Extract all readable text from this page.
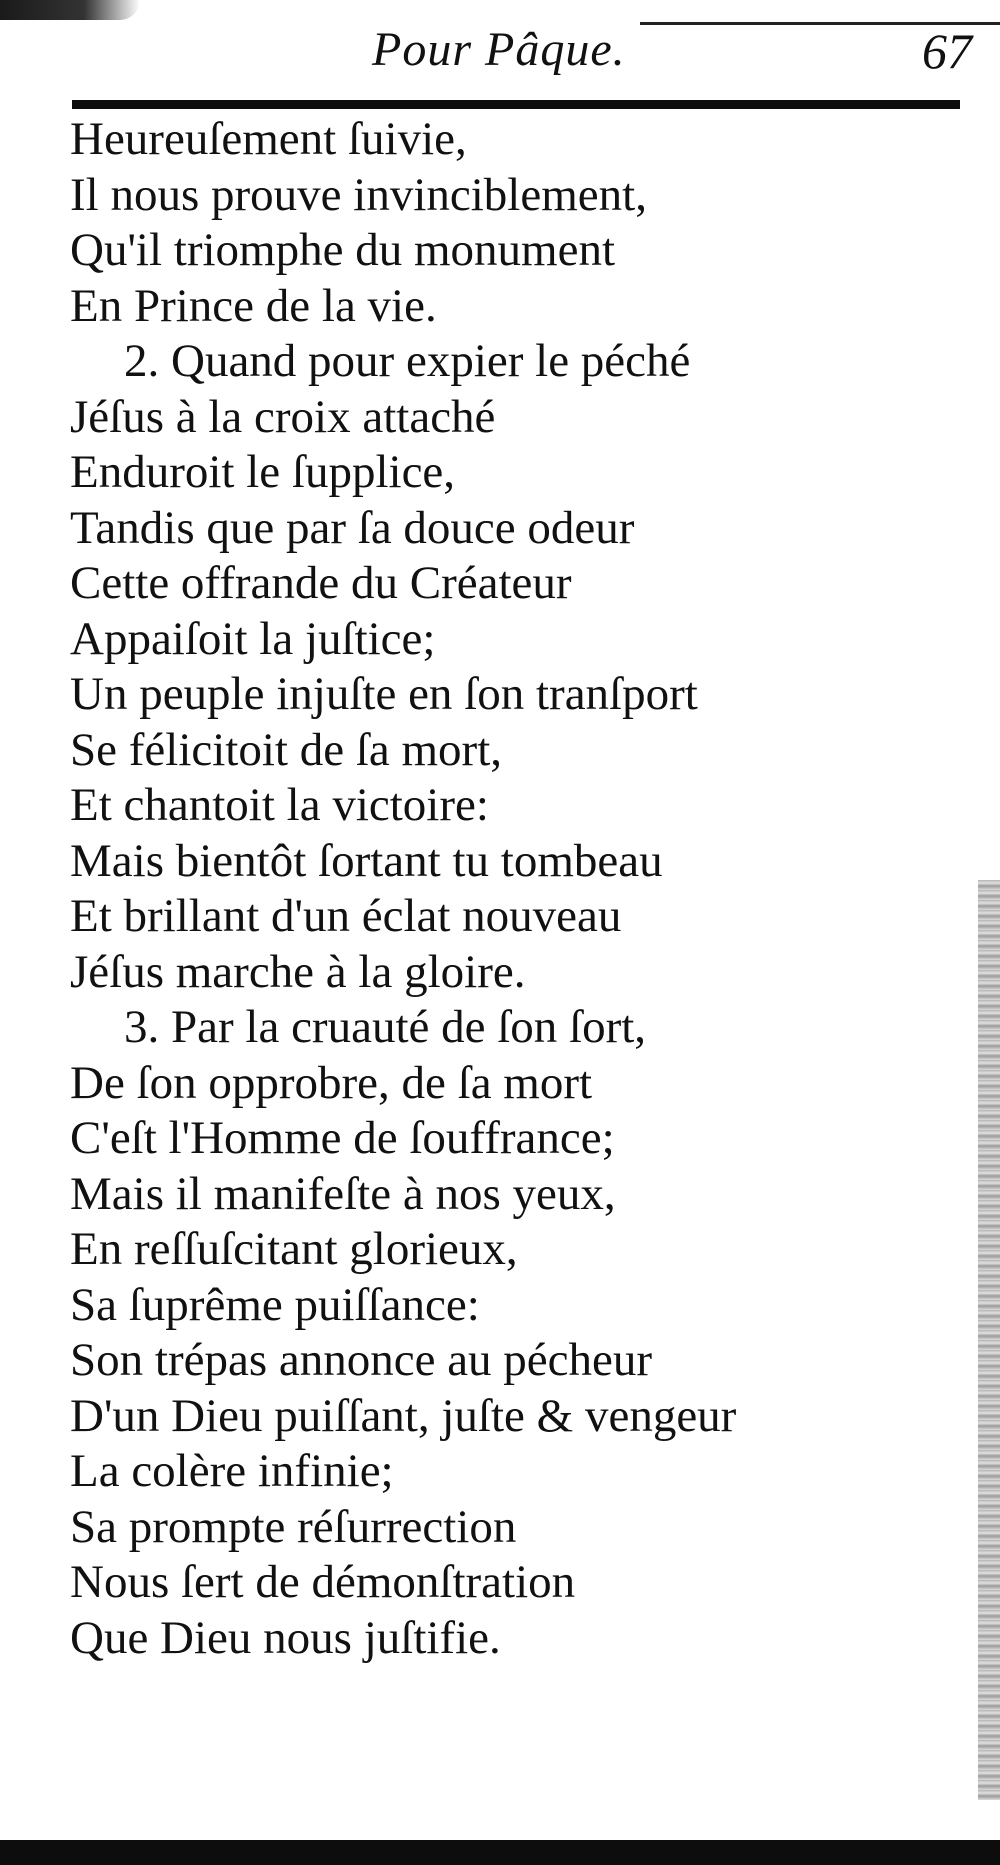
Pour Pâque.	67
Heureuſement ſuivie,
Il nous prouve invinciblement,
Qu'il triomphe du monument
En Prince de la vie.
2. Quand pour expier le péché
Jéſus à la croix attaché
Enduroit le ſupplice,
Tandis que par ſa douce odeur
Cette offrande du Créateur
Appaiſoit la juſtice;
Un peuple injuſte en ſon tranſport
Se félicitoit de ſa mort,
Et chantoit la victoire:
Mais bientôt ſortant tu tombeau
Et brillant d'un éclat nouveau
Jéſus marche à la gloire.
3. Par la cruauté de ſon ſort,
De ſon opprobre, de ſa mort
C'eſt l'Homme de ſouffrance;
Mais il manifeſte à nos yeux,
En reſſuſcitant glorieux,
Sa ſuprême puiſſance:
Son trépas annonce au pécheur
D'un Dieu puiſſant, juſte & vengeur
La colère infinie;
Sa prompte réſurrection
Nous ſert de démonſtration
Que Dieu nous juſtifie.
